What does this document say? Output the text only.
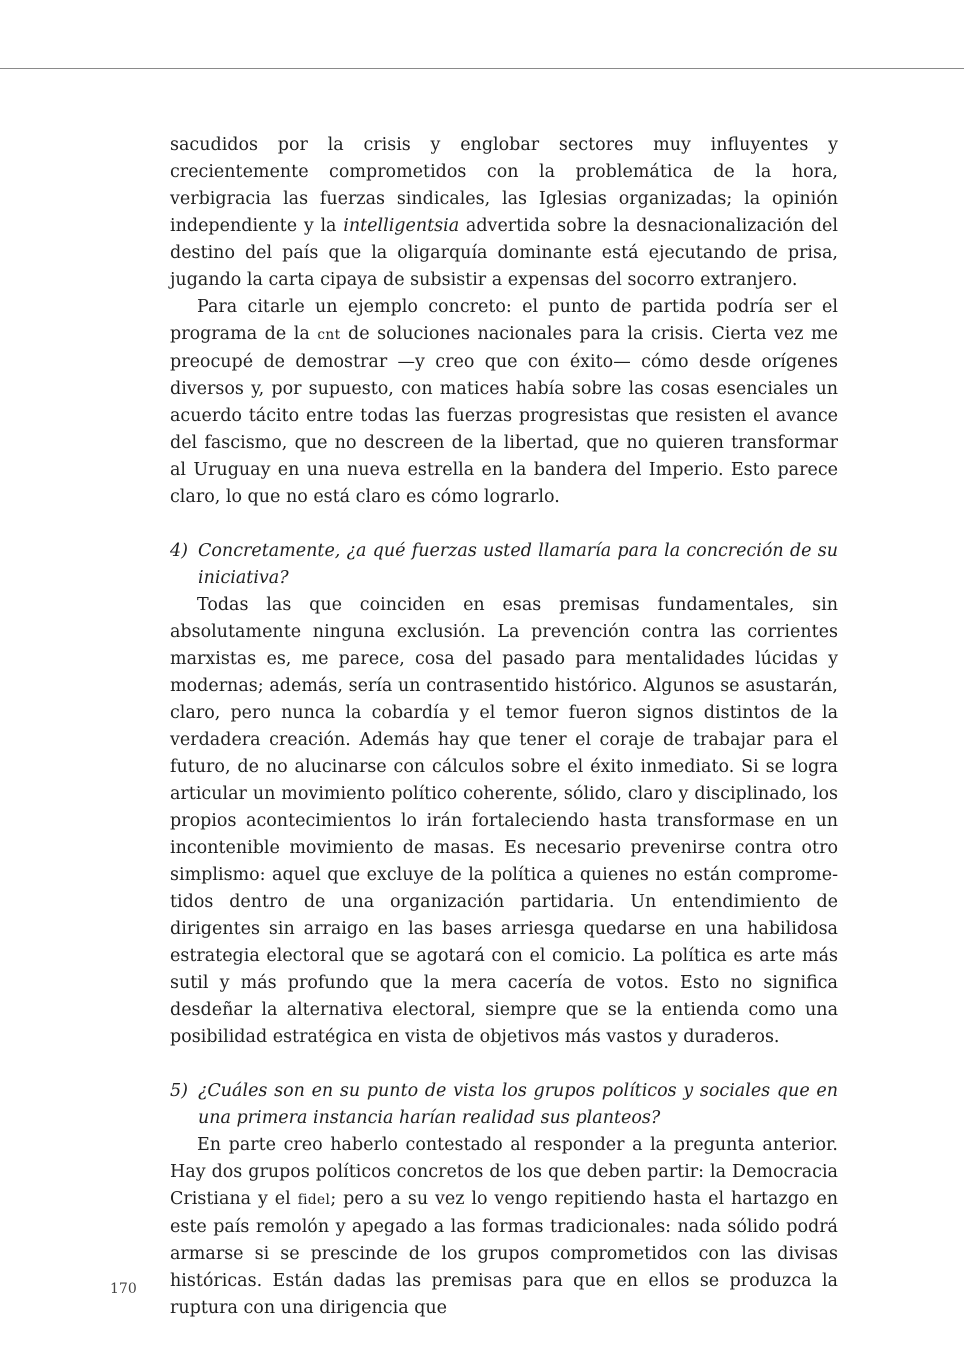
sacudidos por la crisis y englobar sectores muy influyentes y crecientemente comprometidos con la problemática de la hora, verbigracia las fuerzas sindicales, las Iglesias organizadas; la opinión independiente y la intelligentsia advertida sobre la desnacionalización del destino del país que la oligarquía dominante está ejecutando de prisa, jugando la carta cipaya de subsistir a expensas del socorro extranjero.

Para citarle un ejemplo concreto: el punto de partida podría ser el programa de la cnt de soluciones nacionales para la crisis. Cierta vez me preocupé de demostrar —y creo que con éxito— cómo desde orígenes diversos y, por supuesto, con matices había sobre las cosas esenciales un acuerdo tácito entre todas las fuerzas progresistas que resisten el avance del fascismo, que no descreen de la libertad, que no quieren transformar al Uruguay en una nueva estrella en la bandera del Imperio. Esto parece claro, lo que no está claro es cómo lograrlo.

4) Concretamente, ¿a qué fuerzas usted llamaría para la concreción de su iniciativa?

Todas las que coinciden en esas premisas fundamentales, sin absolutamente ninguna exclusión. La prevención contra las corrientes marxistas es, me parece, cosa del pasado para mentalidades lúcidas y modernas; además, sería un contrasentido histórico. Algunos se asustarán, claro, pero nunca la cobardía y el temor fueron signos distintos de la verdadera creación. Además hay que tener el coraje de trabajar para el futuro, de no alucinarse con cálculos sobre el éxito inmediato. Si se logra articular un movimiento político coherente, sólido, claro y disciplinado, los propios acontecimientos lo irán fortaleciendo hasta transformase en un incontenible movimiento de masas. Es necesario prevenirse contra otro simplismo: aquel que excluye de la política a quienes no están comprometidos dentro de una organización partidaria. Un entendimiento de dirigentes sin arraigo en las bases arriesga quedarse en una habilidosa estrategia electoral que se agotará con el comicio. La política es arte más sutil y más profundo que la mera cacería de votos. Esto no significa desdeñar la alternativa electoral, siempre que se la entienda como una posibilidad estratégica en vista de objetivos más vastos y duraderos.

5) ¿Cuáles son en su punto de vista los grupos políticos y sociales que en una primera instancia harían realidad sus planteos?

En parte creo haberlo contestado al responder a la pregunta anterior. Hay dos grupos políticos concretos de los que deben partir: la Democracia Cristiana y el fidel; pero a su vez lo vengo repitiendo hasta el hartazgo en este país remolón y apegado a las formas tradicionales: nada sólido podrá armarse si se prescinde de los grupos comprometidos con las divisas históricas. Están dadas las premisas para que en ellos se produzca la ruptura con una dirigencia que

170
